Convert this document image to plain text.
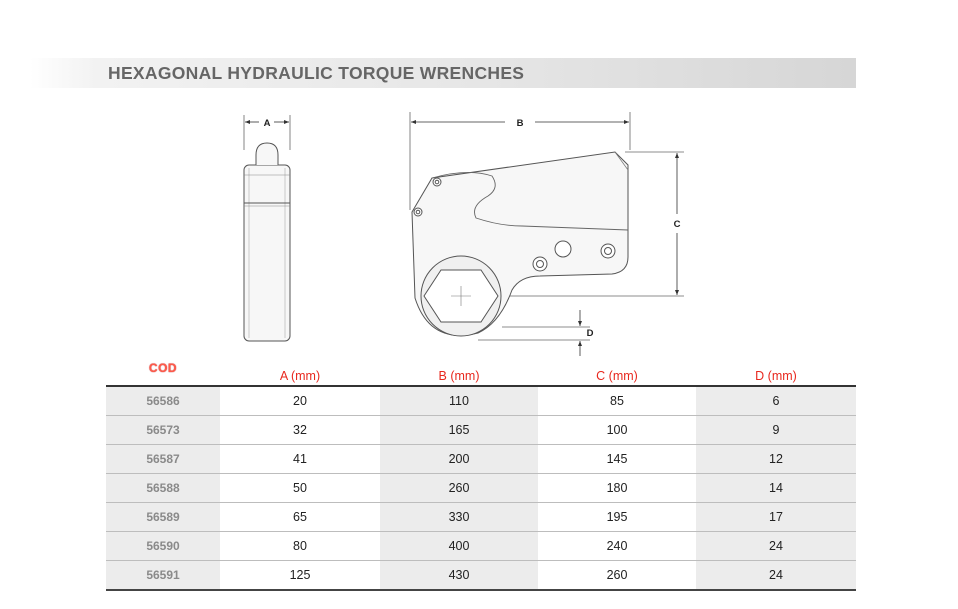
HEXAGONAL HYDRAULIC TORQUE WRENCHES
A	B
C
D
COD	A (mm)	B (mm)	C (mm)	D (mm)
56586	20	110	85	6
56573	32	165	100	9
56587	41	200	145	12
56588	50	260	180	14
56589	65	330	195	17
56590	80	400	240	24
56591	125	430	260	24
